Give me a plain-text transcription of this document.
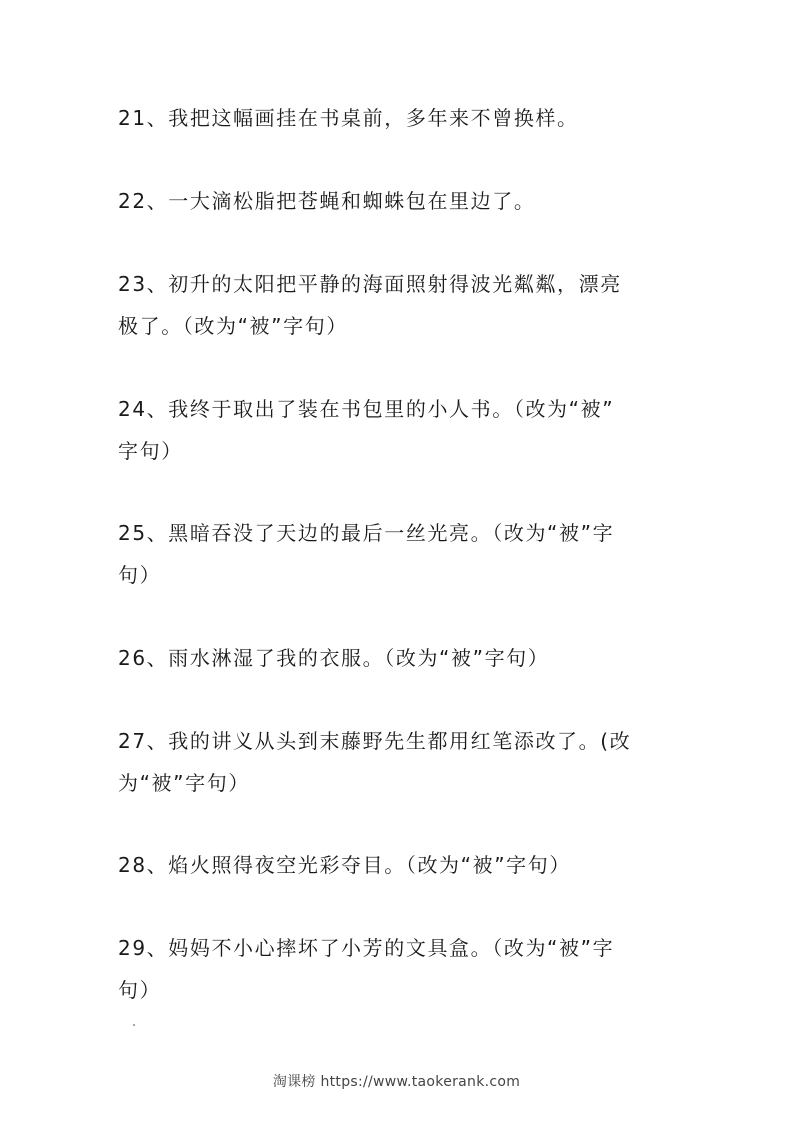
21、我把这幅画挂在书桌前，多年来不曾换样。
______________________________________
22、一大滴松脂把苍蝇和蜘蛛包在里边了。
______________________________________
23、初升的太阳把平静的海面照射得波光粼粼，漂亮
极了。（改为“被”字句）
______________________________________
24、我终于取出了装在书包里的小人书。（改为“被”
字句）
______________________________________
25、黑暗吞没了天边的最后一丝光亮。（改为“被”字
句）
______________________________________
26、雨水淋湿了我的衣服。（改为“被”字句）
______________________________________
27、我的讲义从头到末藤野先生都用红笔添改了。(改
为“被”字句）
______________________________________
28、焰火照得夜空光彩夺目。（改为“被”字句）
______________________________________
29、妈妈不小心摔坏了小芳的文具盒。（改为“被”字
句）
淘课榜 https://www.taokerank.com
